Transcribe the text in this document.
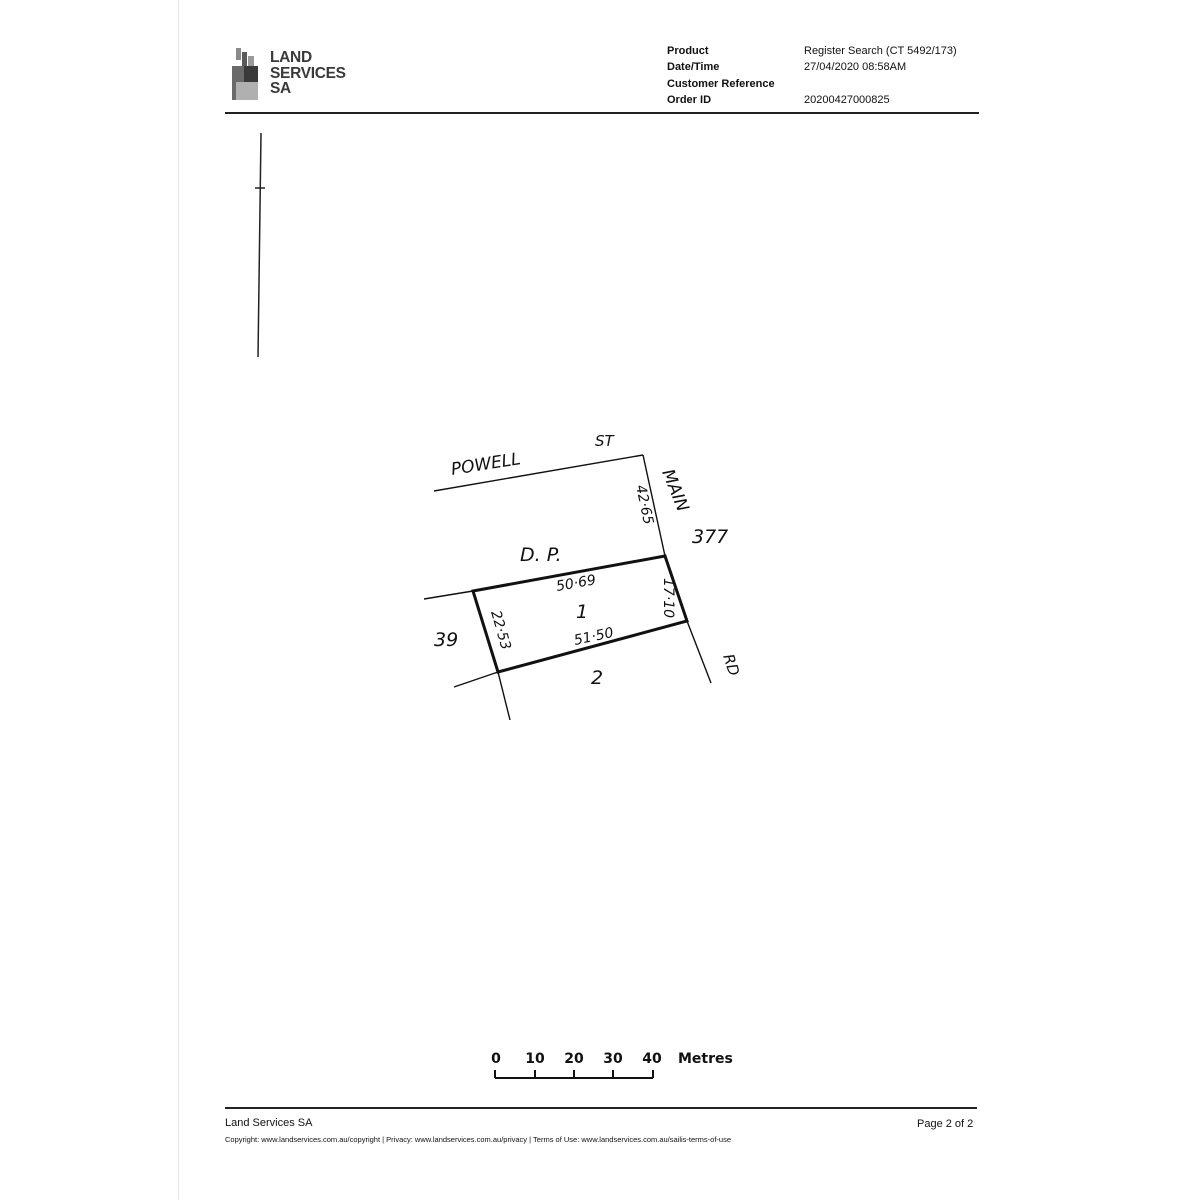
LAND
SERVICES
SA
Product
Date/Time
Customer Reference
Order ID
Register Search (CT 5492/173)
27/04/2020 08:58AM
20200427000825
POWELL
ST
MAIN
RD
42·65
377
D. P.
50·69	17·10
1
51·50
22·53
39
2
0 10 20 30 40 Metres
Land Services SA
Copyright: www.landservices.com.au/copyright | Privacy: www.landservices.com.au/privacy | Terms of Use: www.landservices.com.au/sailis-terms-of-use
Page 2 of 2
